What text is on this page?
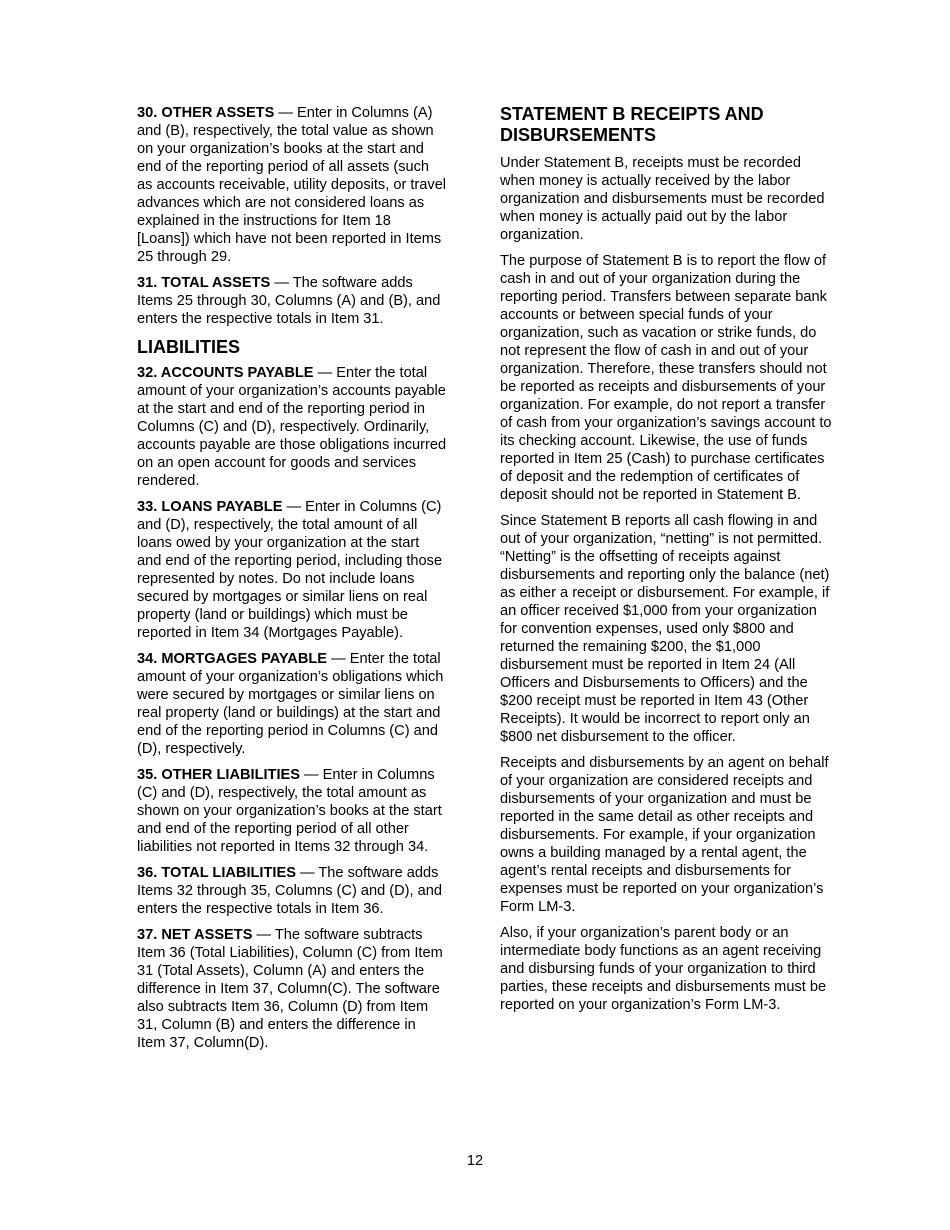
30. OTHER ASSETS — Enter in Columns (A) and (B), respectively, the total value as shown on your organization’s books at the start and end of the reporting period of all assets (such as accounts receivable, utility deposits, or travel advances which are not considered loans as explained in the instructions for Item 18 [Loans]) which have not been reported in Items 25 through 29.

31. TOTAL ASSETS — The software adds Items 25 through 30, Columns (A) and (B), and enters the respective totals in Item 31.

LIABILITIES

32. ACCOUNTS PAYABLE — Enter the total amount of your organization’s accounts payable at the start and end of the reporting period in Columns (C) and (D), respectively. Ordinarily, accounts payable are those obligations incurred on an open account for goods and services rendered.

33. LOANS PAYABLE — Enter in Columns (C) and (D), respectively, the total amount of all loans owed by your organization at the start and end of the reporting period, including those represented by notes. Do not include loans secured by mortgages or similar liens on real property (land or buildings) which must be reported in Item 34 (Mortgages Payable).

34. MORTGAGES PAYABLE — Enter the total amount of your organization’s obligations which were secured by mortgages or similar liens on real property (land or buildings) at the start and end of the reporting period in Columns (C) and (D), respectively.

35. OTHER LIABILITIES — Enter in Columns (C) and (D), respectively, the total amount as shown on your organization’s books at the start and end of the reporting period of all other liabilities not reported in Items 32 through 34.

36. TOTAL LIABILITIES — The software adds Items 32 through 35, Columns (C) and (D), and enters the respective totals in Item 36.

37. NET ASSETS — The software subtracts Item 36 (Total Liabilities), Column (C) from Item 31 (Total Assets), Column (A) and enters the difference in Item 37, Column(C). The software also subtracts Item 36, Column (D) from Item 31, Column (B) and enters the difference in Item 37, Column(D).

STATEMENT B RECEIPTS AND DISBURSEMENTS

Under Statement B, receipts must be recorded when money is actually received by the labor organization and disbursements must be recorded when money is actually paid out by the labor organization.

The purpose of Statement B is to report the flow of cash in and out of your organization during the reporting period. Transfers between separate bank accounts or between special funds of your organization, such as vacation or strike funds, do not represent the flow of cash in and out of your organization. Therefore, these transfers should not be reported as receipts and disbursements of your organization. For example, do not report a transfer of cash from your organization’s savings account to its checking account. Likewise, the use of funds reported in Item 25 (Cash) to purchase certificates of deposit and the redemption of certificates of deposit should not be reported in Statement B.

Since Statement B reports all cash flowing in and out of your organization, “netting” is not permitted. “Netting” is the offsetting of receipts against disbursements and reporting only the balance (net) as either a receipt or disbursement. For example, if an officer received $1,000 from your organization for convention expenses, used only $800 and returned the remaining $200, the $1,000 disbursement must be reported in Item 24 (All Officers and Disbursements to Officers) and the $200 receipt must be reported in Item 43 (Other Receipts). It would be incorrect to report only an $800 net disbursement to the officer.

Receipts and disbursements by an agent on behalf of your organization are considered receipts and disbursements of your organization and must be reported in the same detail as other receipts and disbursements. For example, if your organization owns a building managed by a rental agent, the agent’s rental receipts and disbursements for expenses must be reported on your organization’s Form LM-3.

Also, if your organization’s parent body or an intermediate body functions as an agent receiving and disbursing funds of your organization to third parties, these receipts and disbursements must be reported on your organization’s Form LM-3.

12
